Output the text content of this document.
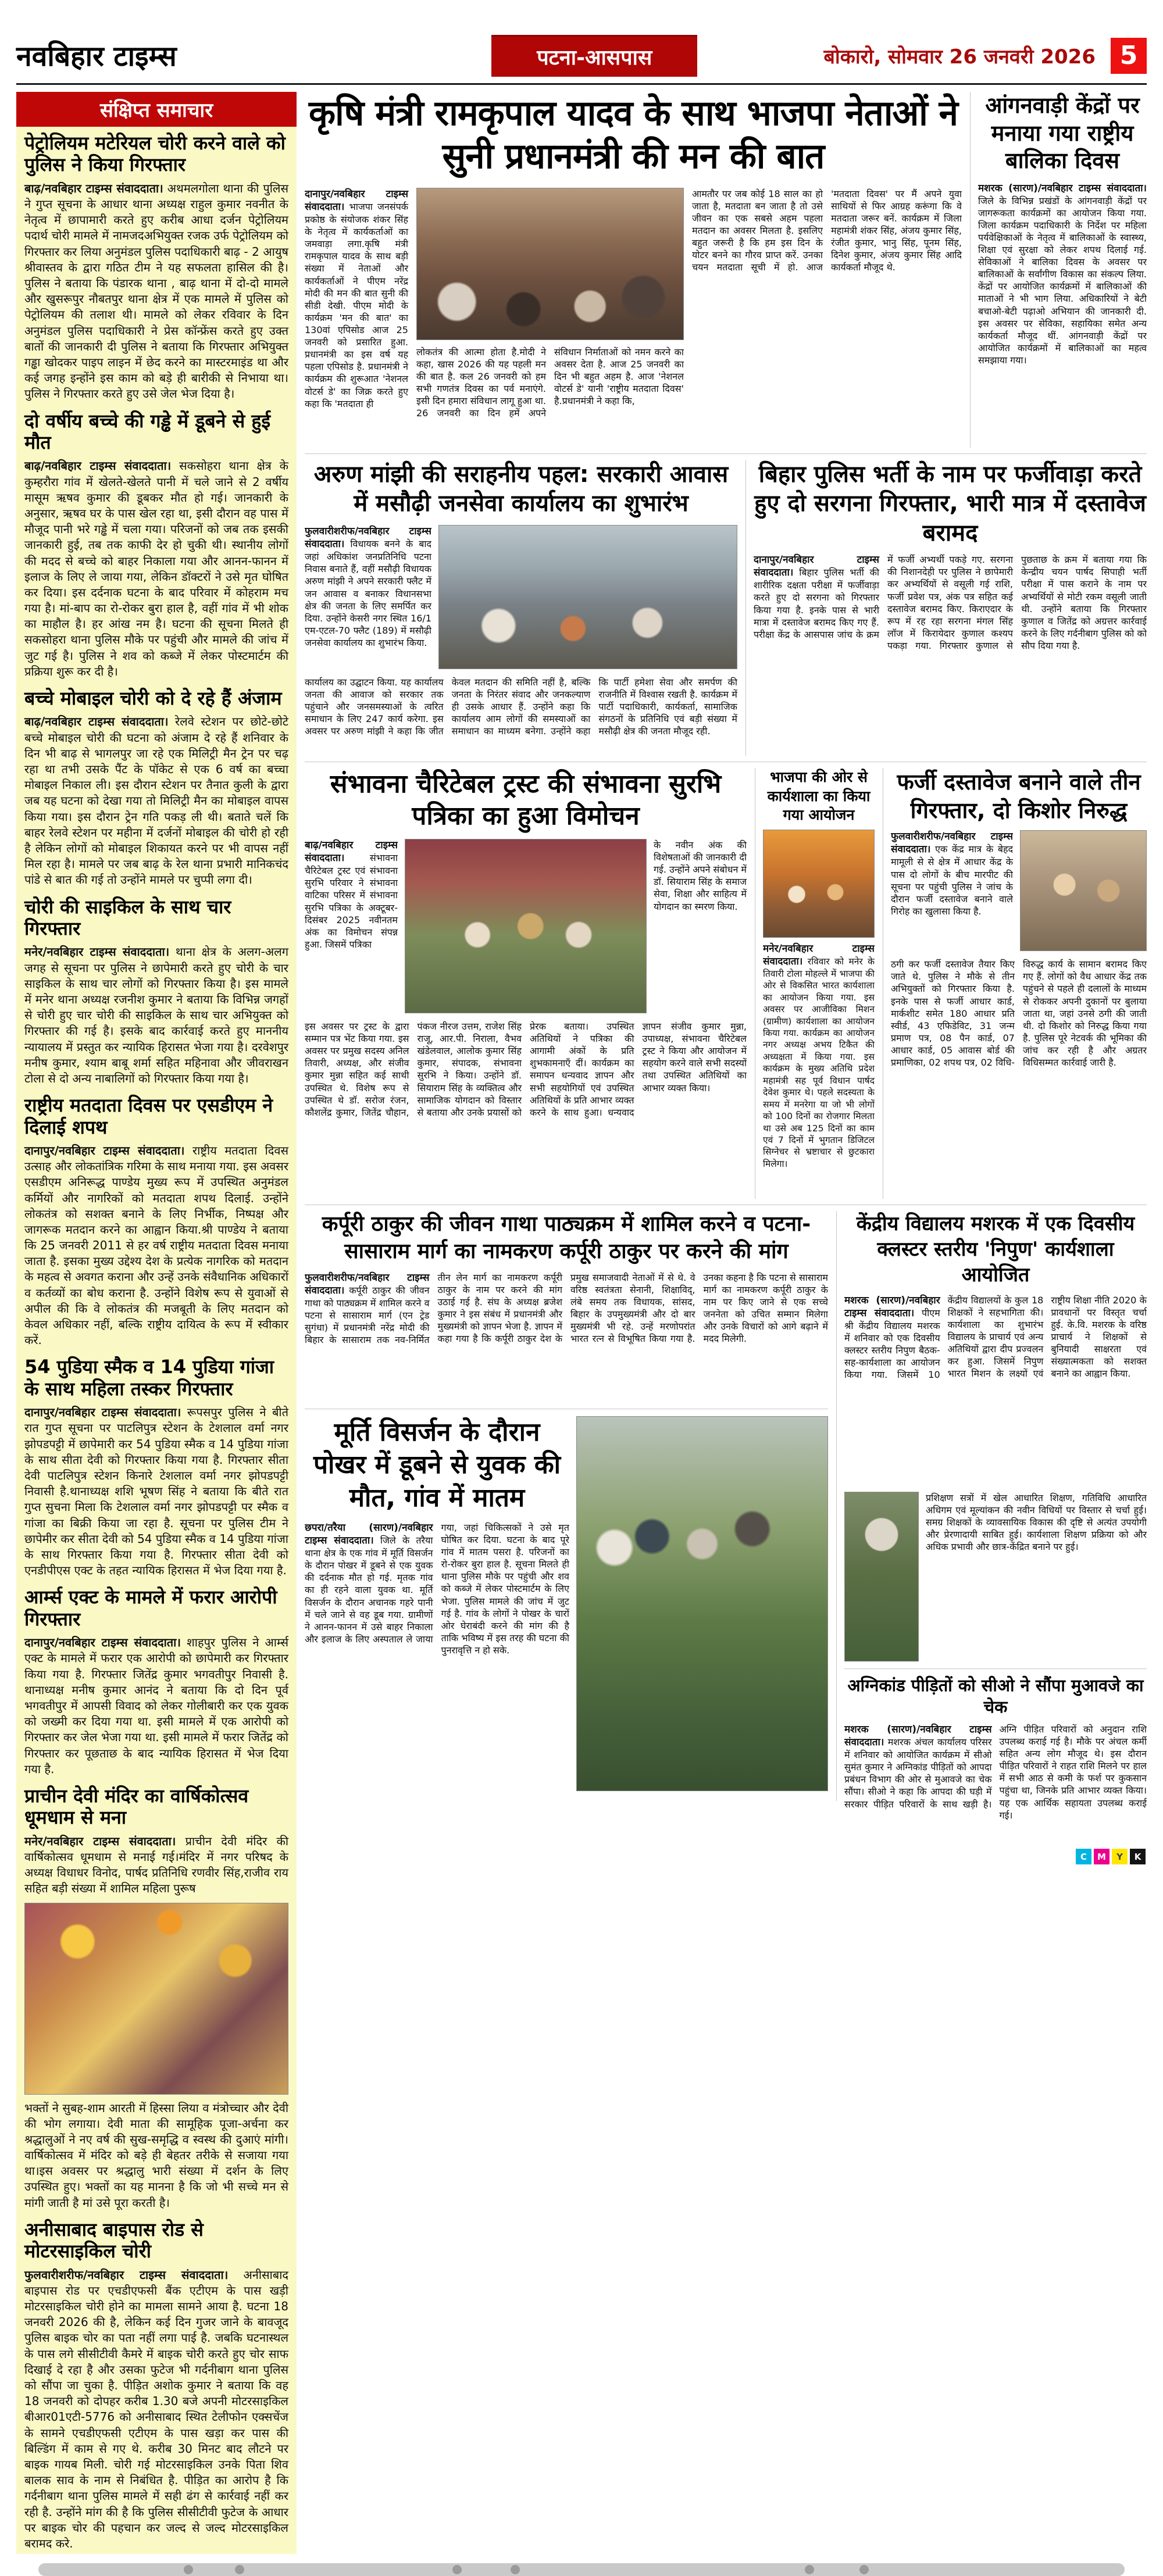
नवबिहार टाइम्स	पटना-आसपास	बोकारो, सोमवार 26 जनवरी 2026 5
संक्षिप्त समाचार
पेट्रोलियम मटेरियल चोरी करने वाले को पुलिस ने किया गिरफ्तार

बाढ़/नवबिहार टाइम्स संवाददाता। अथमलगोला थाना की पुलिस ने गुप्त सूचना के आधार थाना अध्यक्ष राहुल कुमार नवनीत के नेतृत्व में छापामारी करते हुए करीब आधा दर्जन पेट्रोलियम पदार्थ चोरी मामले में नामजदअभियुक्त रजक उर्फ पेट्रोलियम को गिरफ्तार कर लिया अनुमंडल पुलिस पदाधिकारी बाढ़ - 2 आयुष श्रीवास्तव के द्वारा गठित टीम ने यह सफलता हासिल की है। पुलिस ने बताया कि पंडारक थाना , बाढ़ थाना में दो-दो मामले और खुसरूपुर नौबतपुर थाना क्षेत्र में एक मामले में पुलिस को पेट्रोलियम की तलाश थी। मामले को लेकर रविवार के दिन अनुमंडल पुलिस पदाधिकारी ने प्रेस कॉन्फ्रेंस करते हुए उक्त बातों की जानकारी दी पुलिस ने बताया कि गिरफ्तार अभियुक्त गड्ढा खोदकर पाइप लाइन में छेद करने का मास्टरमाइंड था और कई जगह इन्होंने इस काम को बड़े ही बारीकी से निभाया था। पुलिस ने गिरफ्तार करते हुए उसे जेल भेज दिया है।

दो वर्षीय बच्चे की गड्ढे में डूबने से हुई मौत

बाढ़/नवबिहार टाइम्स संवाददाता। सकसोहरा थाना क्षेत्र के कुम्हरौरा गांव में खेलते-खेलते पानी में चले जाने से 2 वर्षीय मासूम ऋषव कुमार की डूबकर मौत हो गई। जानकारी के अनुसार, ऋषव घर के पास खेल रहा था, इसी दौरान वह पास में मौजूद पानी भरे गड्ढे में चला गया। परिजनों को जब तक इसकी जानकारी हुई, तब तक काफी देर हो चुकी थी। स्थानीय लोगों की मदद से बच्चे को बाहर निकाला गया और आनन-फानन में इलाज के लिए ले जाया गया, लेकिन डॉक्टरों ने उसे मृत घोषित कर दिया। इस दर्दनाक घटना के बाद परिवार में कोहराम मच गया है। मां-बाप का रो-रोकर बुरा हाल है, वहीं गांव में भी शोक का माहौल है। हर आंख नम है। घटना की सूचना मिलते ही सकसोहरा थाना पुलिस मौके पर पहुंची और मामले की जांच में जुट गई है। पुलिस ने शव को कब्जे में लेकर पोस्टमार्टम की प्रक्रिया शुरू कर दी है।

बच्चे मोबाइल चोरी को दे रहे हैं अंजाम

बाढ़/नवबिहार टाइम्स संवाददाता। रेलवे स्टेशन पर छोटे-छोटे बच्चे मोबाइल चोरी की घटना को अंजाम दे रहे हैं शनिवार के दिन भी बाढ़ से भागलपुर जा रहे एक मिलिट्री मैन ट्रेन पर चढ़ रहा था तभी उसके पैंट के पॉकेट से एक 6 वर्ष का बच्चा मोबाइल निकाल ली। इस दौरान स्टेशन पर तैनात कुली के द्वारा जब यह घटना को देखा गया तो मिलिट्री मैन का मोबाइल वापस किया गया। इस दौरान ट्रेन गति पकड़ ली थी। बताते चलें कि बाहर रेलवे स्टेशन पर महीना में दर्जनों मोबाइल की चोरी हो रही है लेकिन लोगों को मोबाइल शिकायत करने पर भी वापस नहीं मिल रहा है। मामले पर जब बाढ़ के रेल थाना प्रभारी मानिकचंद पांडे से बात की गई तो उन्होंने मामले पर चुप्पी लगा दी।

चोरी की साइकिल के साथ चार गिरफ्तार

मनेर/नवबिहार टाइम्स संवाददाता। थाना क्षेत्र के अलग-अलग जगह से सूचना पर पुलिस ने छापेमारी करते हुए चोरी के चार साइकिल के साथ चार लोगों को गिरफ्तार किया है। इस मामले में मनेर थाना अध्यक्ष रजनीश कुमार ने बताया कि विभिन्न जगहों से चोरी हुए चार चोरी की साइकिल के साथ चार अभियुक्त को गिरफ्तार की गई है। इसके बाद कार्रवाई करते हुए माननीय न्यायालय में प्रस्तुत कर न्यायिक हिरासत भेजा गया है। दरवेशपुर मनीष कुमार, श्याम बाबू शर्मा सहित महिनावा और जीवराखन टोला से दो अन्य नाबालिगों को गिरफ्तार किया गया है।

राष्ट्रीय मतदाता दिवस पर एसडीएम ने दिलाई शपथ

दानापुर/नवबिहार टाइम्स संवाददाता। राष्ट्रीय मतदाता दिवस उत्साह और लोकतांत्रिक गरिमा के साथ मनाया गया. इस अवसर एसडीएम अनिरूद्ध पाण्डेय मुख्य रूप में उपस्थित अनुमंडल कर्मियों और नागरिकों को मतदाता शपथ दिलाई. उन्होंने लोकतंत्र को सशक्त बनाने के लिए निर्भीक, निष्पक्ष और जागरूक मतदान करने का आह्वान किया.श्री पाण्डेय ने बताया कि 25 जनवरी 2011 से हर वर्ष राष्ट्रीय मतदाता दिवस मनाया जाता है. इसका मुख्य उद्देश्य देश के प्रत्येक नागरिक को मतदान के महत्व से अवगत कराना और उन्हें उनके संवैधानिक अधिकारों व कर्तव्यों का बोध कराना है. उन्होंने विशेष रूप से युवाओं से अपील की कि वे लोकतंत्र की मजबूती के लिए मतदान को केवल अधिकार नहीं, बल्कि राष्ट्रीय दायित्व के रूप में स्वीकार करें.

54 पुडिया स्मैक व 14 पुडिया गांजा के साथ महिला तस्कर गिरफ्तार

दानापुर/नवबिहार टाइम्स संवाददाता। रूपसपुर पुलिस ने बीते रात गुप्त सूचना पर पाटलिपुत्र स्टेशन के टेशलाल वर्मा नगर झोपडपट्टी में छापेमारी कर 54 पुडिया स्मैक व 14 पुडिया गांजा के साथ सीता देवी को गिरफ्तार किया गया है. गिरफ्तार सीता देवी पाटलिपुत्र स्टेशन किनारे टेशलाल वर्मा नगर झोपडपट्टी निवासी है.थानाध्यक्ष शशि भूषण सिंह ने बताया कि बीते रात गुप्त सुचना मिला कि टेशलाल वर्मा नगर झोपडपट्टी पर स्मैक व गांजा का बिक्री किया जा रहा है. सूचना पर पुलिस टीम ने छापेमीर कर सीता देवी को 54 पुडिया स्मैक व 14 पुडिया गांजा के साथ गिरफ्तार किया गया है. गिरफ्तार सीता देवी को एनडीपीएस एक्ट के तहत न्यायिक हिरासत में भेज दिया गया है.

आर्म्स एक्ट के मामले में फरार आरोपी गिरफ्तार

दानापुर/नवबिहार टाइम्स संवाददाता। शाहपुर पुलिस ने आर्म्स एक्ट के मामले में फरार एक आरोपी को छापेमारी कर गिरफ्तार किया गया है. गिरफ्तार जितेंद्र कुमार भगवतीपुर निवासी है. थानाध्यक्ष मनीष कुमार आनंद ने बताया कि दो दिन पूर्व भगवतीपुर में आपसी विवाद को लेकर गोलीबारी कर एक युवक को जख्मी कर दिया गया था. इसी मामले में एक आरोपी को गिरफ्तार कर जेल भेजा गया था. इसी मामले में फरार जितेंद्र को गिरफ्तार कर पूछताछ के बाद न्यायिक हिरासत में भेज दिया गया है.

प्राचीन देवी मंदिर का वार्षिकोत्सव धूमधाम से मना

मनेर/नवबिहार टाइम्स संवाददाता। प्राचीन देवी मंदिर की वार्षिकोत्सव धूमधाम से मनाई गई।मंदिर में नगर परिषद के अध्यक्ष विधाधर विनोद, पार्षद प्रतिनिधि रणवीर सिंह,राजीव राय सहित बड़ी संख्या में शामिल महिला पुरूष

भक्तों ने सुबह-शाम आरती में हिस्सा लिया व मंत्रोच्चार और देवी की भोग लगाया। देवी माता की सामूहिक पूजा-अर्चना कर श्रद्धालुओं ने नए वर्ष की सुख-समृद्धि व स्वस्थ की दुआएं मांगी।वार्षिकोत्सव में मंदिर को बड़े ही बेहतर तरीके से सजाया गया था।इस अवसर पर श्रद्धालु भारी संख्या में दर्शन के लिए उपस्थित हुए। भक्तों का यह मानना है कि जो भी सच्चे मन से मांगी जाती है मां उसे पूरा करती है।

अनीसाबाद बाइपास रोड से मोटरसाइकिल चोरी

फुलवारीशरीफ/नवबिहार टाइम्स संवाददाता। अनीसाबाद बाइपास रोड पर एचडीएफसी बैंक एटीएम के पास खड़ी मोटरसाइकिल चोरी होने का मामला सामने आया है. घटना 18 जनवरी 2026 की है, लेकिन कई दिन गुजर जाने के बावजूद पुलिस बाइक चोर का पता नहीं लगा पाई है. जबकि घटनास्थल के पास लगे सीसीटीवी कैमरे में बाइक चोरी करते हुए चोर साफ दिखाई दे रहा है और उसका फुटेज भी गर्दनीबाग थाना पुलिस को सौंपा जा चुका है. पीड़ित अशोक कुमार ने बताया कि वह 18 जनवरी को दोपहर करीब 1.30 बजे अपनी मोटरसाइकिल बीआर01एटी-5776 को अनीसाबाद स्थित टेलीफोन एक्सचेंज के सामने एचडीएफसी एटीएम के पास खड़ा कर पास की बिल्डिंग में काम से गए थे. करीब 30 मिनट बाद लौटने पर बाइक गायब मिली. चोरी गई मोटरसाइकिल उनके पिता शिव बालक साव के नाम से निबंधित है. पीड़ित का आरोप है कि गर्दनीबाग थाना पुलिस मामले में सही ढंग से कार्रवाई नहीं कर रही है. उन्होंने मांग की है कि पुलिस सीसीटीवी फुटेज के आधार पर बाइक चोर की पहचान कर जल्द से जल्द मोटरसाइकिल बरामद करे.

कृषि मंत्री रामकृपाल यादव के साथ भाजपा नेताओं ने सुनी प्रधानमंत्री की मन की बात
दानापुर/नवबिहार टाइम्स संवाददाता। भाजपा जनसंपर्क प्रकोष्ठ के संयोजक शंकर सिंह के नेतृत्व में कार्यकर्ताओं का जमवाड़ा लगा.कृषि मंत्री रामकृपाल यादव के साथ बड़ी संख्या में नेताओं और कार्यकर्ताओं ने पीएम नरेंद्र मोदी की मन की बात सुनी की सीडी देखी. पीएम मोदी के कार्यक्रम 'मन की बात' का 130वां एपिसोड आज 25 जनवरी को प्रसारित हुआ. प्रधानमंत्री का इस वर्ष यह पहला एपिसोड है. प्रधानमंत्री ने कार्यक्रम की शुरूआत 'नेशनल वोटर्स डे' का जिक्र करते हुए कहा कि 'मतदाता ही
लोकतंत्र की आत्मा होता है.मोदी ने कहा, खास 2026 की यह पहली मन की बात है. कल 26 जनवरी को हम सभी गणतंत्र दिवस का पर्व मनाएंगे. इसी दिन हमारा संविधान लागू हुआ था. 26 जनवरी का दिन हमें अपने संविधान निर्माताओं को नमन करने का अवसर देता है. आज 25 जनवरी का दिन भी बहुत अहम है. आज 'नेशनल वोटर्स डे' यानी 'राष्ट्रीय मतदाता दिवस' है.प्रधानमंत्री ने कहा कि,
आमतौर पर जब कोई 18 साल का हो जाता है, मतदाता बन जाता है तो उसे जीवन का एक सबसे अहम पहला मतदान का अवसर मिलता है. इसलिए बहुत जरूरी है कि हम इस दिन के योटर बनने का गौरव प्राप्त करें. उनका चयन मतदाता सूची में हो. आज 'मतदाता दिवस' पर मैं अपने युवा साथियों से फिर आग्रह करूंगा कि वे मतदाता जरूर बनें. कार्यक्रम में जिला महामंत्री शंकर सिंह, अंजय कुमार सिंह, रंजीत कुमार, भानु सिंह, पूनम सिंह, दिनेश कुमार, अंजय कुमार सिंह आदि कार्यकर्ता मौजूद थे.
आंगनवाड़ी केंद्रों पर मनाया गया राष्ट्रीय बालिका दिवस
मशरक (सारण)/नवबिहार टाइम्स संवाददाता। जिले के विभिन्न प्रखंडों के आंगनवाड़ी केंद्रों पर जागरूकता कार्यक्रमों का आयोजन किया गया. जिला कार्यक्रम पदाधिकारी के निर्देश पर महिला पर्यवेक्षिकाओं के नेतृत्व में बालिकाओं के स्वास्थ्य, शिक्षा एवं सुरक्षा को लेकर शपथ दिलाई गई. सेविकाओं ने बालिका दिवस के अवसर पर बालिकाओं के सर्वांगीण विकास का संकल्प लिया. केंद्रों पर आयोजित कार्यक्रमों में बालिकाओं की माताओं ने भी भाग लिया. अधिकारियों ने बेटी बचाओ-बेटी पढ़ाओ अभियान की जानकारी दी. इस अवसर पर सेविका, सहायिका समेत अन्य कार्यकर्ता मौजूद थीं. आंगनवाड़ी केंद्रों पर आयोजित कार्यक्रमों में बालिकाओं का महत्व समझाया गया।
अरुण मांझी की सराहनीय पहल: सरकारी आवास में मसौढ़ी जनसेवा कार्यालय का शुभारंभ
फुलवारीशरीफ/नवबिहार टाइम्स संवाददाता। विधायक बनने के बाद जहां अधिकांश जनप्रतिनिधि पटना निवास बनाते हैं, वहीं मसौढ़ी विधायक अरुण मांझी ने अपने सरकारी फ्लैट में जन आवास व बनाकर विधानसभा क्षेत्र की जनता के लिए समर्पित कर दिया. उन्होंने केसरी नगर स्थित 16/1 एम-एटल-70 फ्लैट (189) में मसौढ़ी जनसेवा कार्यालय का शुभारंभ किया.
कार्यालय का उद्घाटन किया. यह कार्यालय जनता की आवाज को सरकार तक पहुंचाने और जनसमस्याओं के त्वरित समाधान के लिए 247 कार्य करेगा. इस अवसर पर अरुण मांझी ने कहा कि जीत केवल मतदान की समिति नहीं है, बल्कि जनता के निरंतर संवाद और जनकल्याण ही उसके आधार हैं. उन्होंने कहा कि कार्यालय आम लोगों की समस्याओं का समाधान का माध्यम बनेगा. उन्होंने कहा कि पार्टी हमेशा सेवा और समर्पण की राजनीति में विश्वास रखती है. कार्यक्रम में पार्टी पदाधिकारी, कार्यकर्ता, सामाजिक संगठनों के प्रतिनिधि एवं बड़ी संख्या में मसौढ़ी क्षेत्र की जनता मौजूद रही.
बिहार पुलिस भर्ती के नाम पर फर्जीवाड़ा करते हुए दो सरगना गिरफ्तार, भारी मात्र में दस्तावेज बरामद
दानापुर/नवबिहार टाइम्स संवाददाता। बिहार पुलिस भर्ती की शारीरिक दक्षता परीक्षा में फर्जीवाड़ा करते हुए दो सरगना को गिरफ्तार किया गया है. इनके पास से भारी मात्रा में दस्तावेज बरामद किए गए हैं. परीक्षा केंद्र के आसपास जांच के क्रम में फर्जी अभ्यर्थी पकड़े गए. सरगना की निशानदेही पर पुलिस ने छापेमारी कर अभ्यर्थियों से वसूली गई राशि, फर्जी प्रवेश पत्र, अंक पत्र सहित कई दस्तावेज बरामद किए. किराएदार के रूप में रह रहा सरगना मंगल सिंह लॉज में किरायेदार कुणाल कश्यप पकड़ा गया. गिरफ्तार कुणाल से पुछताछ के क्रम में बताया गया कि केन्द्रीय चयन पार्षद सिपाही भर्ती परीक्षा में पास कराने के नाम पर अभ्यर्थियों से मोटी रकम वसूली जाती थी. उन्होंने बताया कि गिरफ्तार कुणाल व जितेंद्र को अग्रत्तर कार्रवाई करने के लिए गर्दनीबाग पुलिस को को सौप दिया गया है.
संभावना चैरिटेबल ट्रस्ट की संभावना सुरभि पत्रिका का हुआ विमोचन
बाढ़/नवबिहार टाइम्स संवाददाता।	संभावना चैरिटेबल ट्रस्ट एवं संभावना सुरभि परिवार ने संभावना वाटिका परिसर में संभावना सुरभि पत्रिका के अक्टूबर-दिसंबर 2025 नवीनतम अंक का विमोचन संपन्न हुआ. जिसमें पत्रिका
के नवीन अंक की विशेषताओं की जानकारी दी गई. उन्होंने अपने संबोधन में डॉ. सियाराम सिंह के समाज सेवा, शिक्षा और साहित्य में योगदान का स्मरण किया.
इस अवसर पर ट्रस्ट के द्वारा सम्मान पत्र भेंट किया गया. इस अवसर पर प्रमुख सदस्य अनिल तिवारी, अध्यक्ष, और संजीव कुमार मुन्ना सहित कई साथी उपस्थित थे. विशेष रूप से उपस्थित थे डॉ. सरोज रंजन, कौशलेंद्र कुमार, जितेंद्र चौहान, पंकज नीरज उत्तम, राजेश सिंह राजू, आर.पी. निराला, वैभव खंडेलवाल, आलोक कुमार सिंह कुमार, संपादक, संभावना सुरभि ने किया। उन्होंने डॉ. सियाराम सिंह के व्यक्तित्व और सामाजिक योगदान को विस्तार से बताया और उनके प्रयासों को प्रेरक बताया। उपस्थित अतिथियों ने पत्रिका की आगामी अंकों के प्रति शुभकामनाएँ दीं। कार्यक्रम का समापन धन्यवाद ज्ञापन और सभी सहयोगियों एवं उपस्थित अतिथियों के प्रति आभार व्यक्त करने के साथ हुआ। धन्यवाद ज्ञापन संजीव कुमार मुन्ना, उपाध्यक्ष, संभावना चैरिटेबल ट्रस्ट ने किया और आयोजन में सहयोग करने वाले सभी सदस्यों तथा उपस्थित अतिथियों का आभार व्यक्त किया।
भाजपा की ओर से कार्यशाला का किया गया आयोजन
मनेर/नवबिहार टाइम्स संवाददाता। रविवार को मनेर के तिवारी टोला मोहल्ले में भाजपा की ओर से विकसित भारत कार्यशाला का आयोजन किया गया. इस अवसर पर आजीविका मिशन (ग्रामीण) कार्यशाला का आयोजन किया गया. कार्यक्रम का आयोजन नगर अध्यक्ष अभय टिकैत की अध्यक्षता में किया गया. इस कार्यक्रम के मुख्य अतिथि प्रदेश महामंत्री सह पूर्व विधान पार्षद देवेश कुमार थे। पहले सदस्यता के समय में मनरेगा या जो भी लोगों को 100 दिनों का रोजगार मिलता था उसे अब 125 दिनों का काम एवं 7 दिनों में भुगतान डिजिटल सिग्नेचर से भ्रष्टाचार से छुटकारा मिलेगा।
फर्जी दस्तावेज बनाने वाले तीन गिरफ्तार, दो किशोर निरुद्ध
फुलवारीशरीफ/नवबिहार टाइम्स संवाददाता। एक केंद्र मात्र के बेहद मामूली से से क्षेत्र में आधार केंद्र के पास दो लोगों के बीच मारपीट की सूचना पर पहुंची पुलिस ने जांच के दौरान फर्जी दस्तावेज बनाने वाले गिरोह का खुलासा किया है.
ठगी कर फर्जी दस्तावेज तैयार किए जाते थे. पुलिस ने मौके से तीन अभियुक्तों को गिरफ्तार किया है. इनके पास से फर्जी आधार कार्ड, मार्कशीट समेत 180 आधार प्रति स्वीर्ड, 43 एफिडेविट, 31 जन्म प्रमाण पत्र, 08 पैन कार्ड, 07 आधार कार्ड, 05 आवास बोर्ड की प्रमाणिका, 02 शपथ पत्र, 02 विधि-विरुद्ध कार्य के सामान बरामद किए गए हैं. लोगों को वैध आधार केंद्र तक पहुंचने से पहले ही दलालों के माध्यम से रोककर अपनी दुकानों पर बुलाया जाता था, जहां उनसे ठगी की जाती थी. दो किशोर को निरुद्ध किया गया है. पुलिस पूरे नेटवर्क की भूमिका की जांच कर रही है और अग्रतर विधिसम्मत कार्रवाई जारी है.
कर्पूरी ठाकुर की जीवन गाथा पाठ्यक्रम में शामिल करने व पटना-सासाराम मार्ग का नामकरण कर्पूरी ठाकुर पर करने की मांग
फुलवारीशरीफ/नवबिहार टाइम्स संवाददाता। कर्पूरी ठाकुर की जीवन गाथा को पाठ्यक्रम में शामिल करने व पटना से सासाराम मार्ग (एन ट्रेड सुगंधा) में प्रधानमंत्री नरेंद्र मोदी की बिहार के सासाराम तक नव-निर्मित तीन लेन मार्ग का नामकरण कर्पूरी ठाकुर के नाम पर करने की मांग उठाई गई है. संघ के अध्यक्ष ब्रजेश कुमार ने इस संबंध में प्रधानमंत्री और मुख्यमंत्री को ज्ञापन भेजा है. ज्ञापन में कहा गया है कि कर्पूरी ठाकुर देश के प्रमुख समाजवादी नेताओं में से थे. वे वरिष्ठ स्वतंत्रता सेनानी, शिक्षाविद्, लंबे समय तक विधायक, सांसद, बिहार के उपमुख्यमंत्री और दो बार मुख्यमंत्री भी रहे. उन्हें मरणोपरांत भारत रत्न से विभूषित किया गया है. उनका कहना है कि पटना से सासाराम मार्ग का नामकरण कर्पूरी ठाकुर के नाम पर किए जाने से एक सच्चे जननेता को उचित सम्मान मिलेगा और उनके विचारों को आगे बढ़ाने में मदद मिलेगी.
मूर्ति विसर्जन के दौरान पोखर में डूबने से युवक की मौत, गांव में मातम
छपरा/तरैया (सारण)/नवबिहार टाइम्स संवाददाता। जिले के तरैया थाना क्षेत्र के एक गांव में मूर्ति विसर्जन के दौरान पोखर में डूबने से एक युवक की दर्दनाक मौत हो गई. मृतक गांव का ही रहने वाला युवक था. मूर्ति विसर्जन के दौरान अचानक गहरे पानी में चले जाने से वह डूब गया. ग्रामीणों ने आनन-फानन में उसे बाहर निकाला और इलाज के लिए अस्पताल ले जाया गया, जहां चिकित्सकों ने उसे मृत घोषित कर दिया. घटना के बाद पूरे गांव में मातम पसरा है. परिजनों का रो-रोकर बुरा हाल है. सूचना मिलते ही थाना पुलिस मौके पर पहुंची और शव को कब्जे में लेकर पोस्टमार्टम के लिए भेजा. पुलिस मामले की जांच में जुट गई है. गांव के लोगों ने पोखर के चारों ओर घेराबंदी करने की मांग की है ताकि भविष्य में इस तरह की घटना की पुनरावृत्ति न हो सके.
केंद्रीय विद्यालय मशरक में एक दिवसीय क्लस्टर स्तरीय 'निपुण' कार्यशाला आयोजित
मशरक (सारण)/नवबिहार टाइम्स संवाददाता। पीएम श्री केंद्रीय विद्यालय मशरक में शनिवार को एक दिवसीय क्लस्टर स्तरीय निपुण बैठक-सह-कार्यशाला का आयोजन किया गया. जिसमें 10 केंद्रीय विद्यालयों के कुल 18 शिक्षकों ने सहभागिता की। कार्यशाला का शुभारंभ विद्यालय के प्राचार्य एवं अन्य अतिथियों द्वारा दीप प्रज्वलन कर हुआ. जिसमें निपुण भारत मिशन के लक्ष्यों एवं राष्ट्रीय शिक्षा नीति 2020 के प्रावधानों पर विस्तृत चर्चा हुई. के.वि. मशरक के वरिष्ठ प्राचार्य ने शिक्षकों से बुनियादी साक्षरता एवं संख्यात्मकता को सशक्त बनाने का आह्वान किया.
प्रशिक्षण सत्रों में खेल आधारित शिक्षण, गतिविधि आधारित अधिगम एवं मूल्यांकन की नवीन विधियों पर विस्तार से चर्चा हुई। समग्र शिक्षकों के व्यावसायिक विकास की दृष्टि से अत्यंत उपयोगी और प्रेरणादायी साबित हुई। कार्यशाला शिक्षण प्रक्रिया को और अधिक प्रभावी और छात्र-केंद्रित बनाने पर हुई।
अग्निकांड पीड़ितों को सीओ ने सौंपा मुआवजे का चेक
मशरक (सारण)/नवबिहार टाइम्स संवाददाता। मशरक अंचल कार्यालय परिसर में शनिवार को आयोजित कार्यक्रम में सीओ सुमंत कुमार ने अग्निकांड पीड़ितों को आपदा प्रबंधन विभाग की ओर से मुआवजे का चेक सौंपा। सीओ ने कहा कि आपदा की घड़ी में सरकार पीड़ित परिवारों के साथ खड़ी है। अग्नि पीड़ित परिवारों को अनुदान राशि उपलब्ध कराई गई है। मौके पर अंचल कर्मी सहित अन्य लोग मौजूद थे। इस दौरान पीड़ित परिवारों ने राहत राशि मिलने पर हाल में सभी आठ से कमी के फर्श पर कुकसान पहुंचा था, जिनके प्रति आभार व्यक्त किया। यह एक आर्थिक सहायता उपलब्ध कराई गई।
C	M	Y	K
